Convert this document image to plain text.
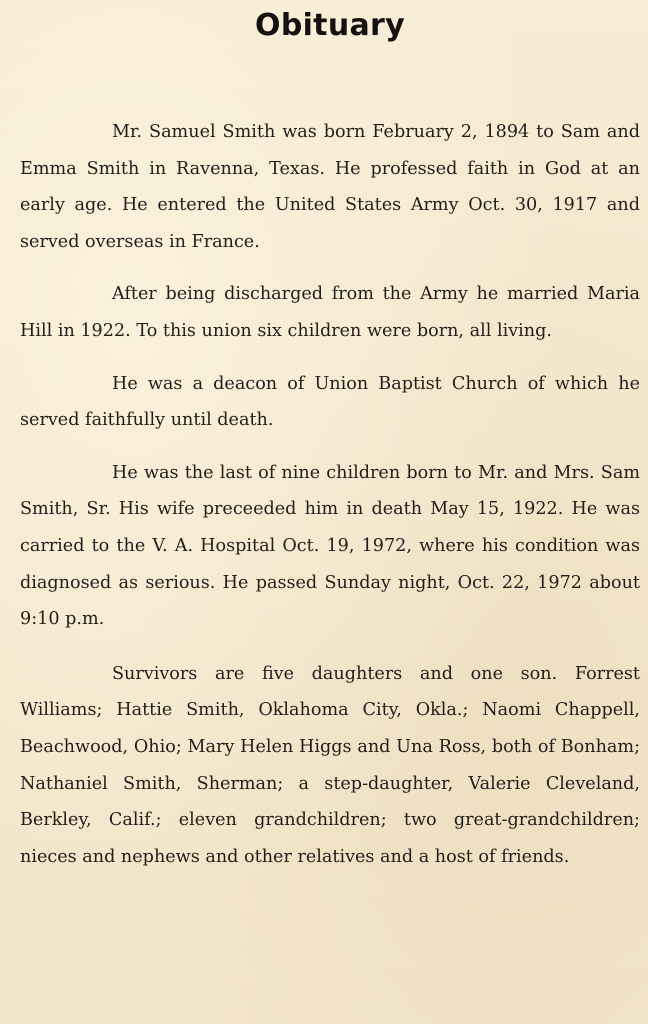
Obituary

Mr. Samuel Smith was born February 2, 1894 to Sam and Emma Smith in Ravenna, Texas. He professed faith in God at an early age. He entered the United States Army Oct. 30, 1917 and served overseas in France.

After being discharged from the Army he married Maria Hill in 1922. To this union six children were born, all living.

He was a deacon of Union Baptist Church of which he served faithfully until death.

He was the last of nine children born to Mr. and Mrs. Sam Smith, Sr. His wife preceeded him in death May 15, 1922. He was carried to the V. A. Hospital Oct. 19, 1972, where his condition was diagnosed as serious. He passed Sunday night, Oct. 22, 1972 about 9:10 p.m.

Survivors are five daughters and one son. Forrest Williams; Hattie Smith, Oklahoma City, Okla.; Naomi Chappell, Beachwood, Ohio; Mary Helen Higgs and Una Ross, both of Bonham; Nathaniel Smith, Sherman; a step-daughter, Valerie Cleveland, Berkley, Calif.; eleven grandchildren; two great-grandchildren; nieces and nephews and other relatives and a host of friends.
